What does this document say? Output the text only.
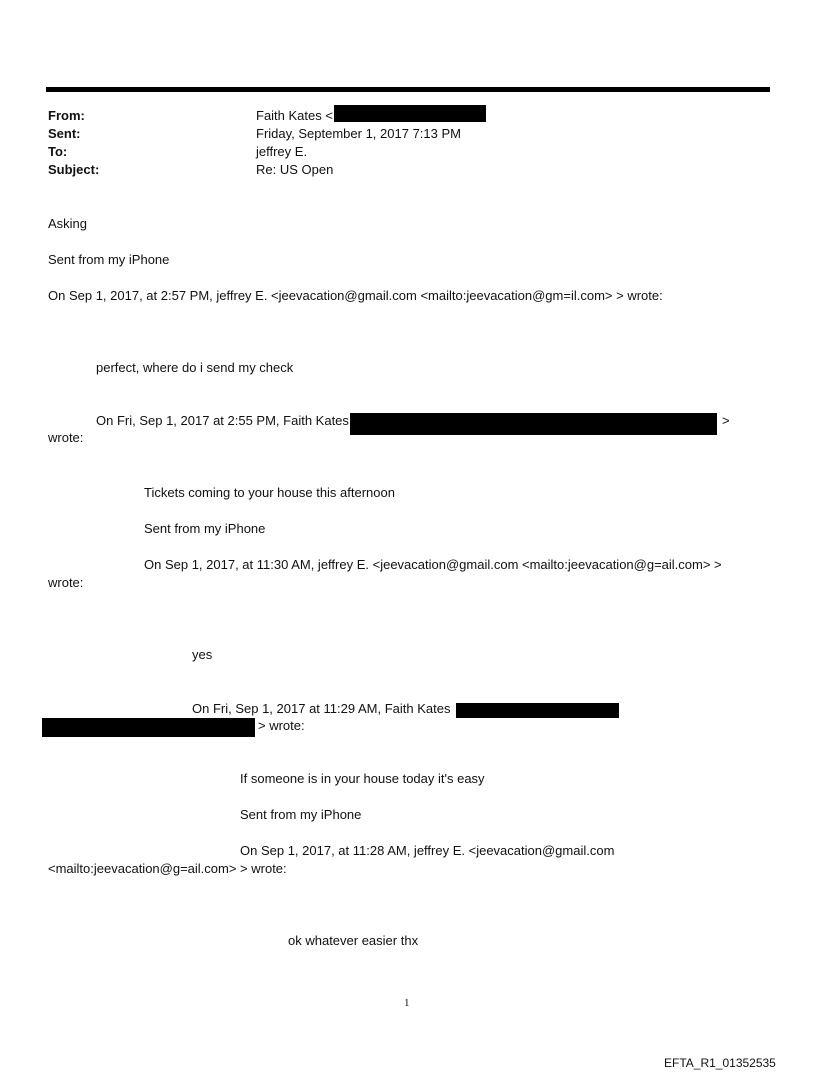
From:	Faith Kates <
Sent:	Friday, September 1, 2017 7:13 PM
To:	jeffrey E.
Subject:	Re: US Open
Asking
Sent from my iPhone
On Sep 1, 2017, at 2:57 PM, jeffrey E. <jeevacation@gmail.com <mailto:jeevacation@gm=il.com> > wrote:
perfect, where do i send my check
On Fri, Sep 1, 2017 at 2:55 PM, Faith Kates	>
wrote:
Tickets coming to your house this afternoon
Sent from my iPhone
On Sep 1, 2017, at 11:30 AM, jeffrey E. <jeevacation@gmail.com <mailto:jeevacation@g=ail.com> >
wrote:
yes
On Fri, Sep 1, 2017 at 11:29 AM, Faith Kates
> wrote:
If someone is in your house today it's easy
Sent from my iPhone
On Sep 1, 2017, at 11:28 AM, jeffrey E. <jeevacation@gmail.com
<mailto:jeevacation@g=ail.com> > wrote:
ok whatever easier thx
1
EFTA_R1_01352535
